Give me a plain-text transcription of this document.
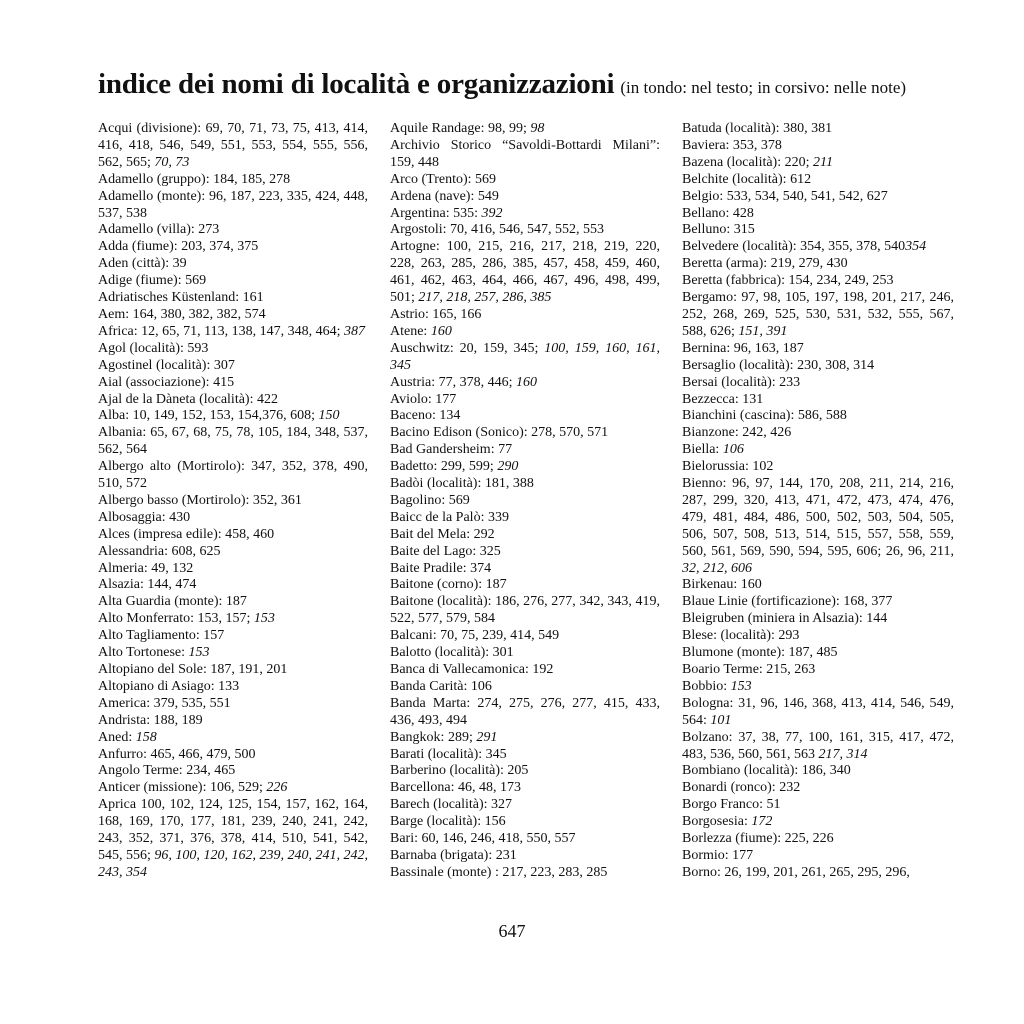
indice dei nomi di località e organizzazioni (in tondo: nel testo; in corsivo: nelle note)
Acqui (divisione): 69, 70, 71, 73, 75, 413, 414, 416, 418, 546, 549, 551, 553, 554, 555, 556, 562, 565; 70, 73
Adamello (gruppo): 184, 185, 278
Adamello (monte): 96, 187, 223, 335, 424, 448, 537, 538
Adamello (villa): 273
Adda (fiume): 203, 374, 375
Aden (città): 39
Adige (fiume): 569
Adriatisches Küstenland: 161
Aem: 164, 380, 382, 382, 574
Africa: 12, 65, 71, 113, 138, 147, 348, 464; 387
Agol (località): 593
Agostinel (località): 307
Aial (associazione): 415
Ajal de la Dàneta (località): 422
Alba: 10, 149, 152, 153, 154,376, 608; 150
Albania: 65, 67, 68, 75, 78, 105, 184, 348, 537, 562, 564
Albergo alto (Mortirolo): 347, 352, 378, 490, 510, 572
Albergo basso (Mortirolo): 352, 361
Albosaggia: 430
Alces (impresa edile): 458, 460
Alessandria: 608, 625
Almeria: 49, 132
Alsazia: 144, 474
Alta Guardia (monte): 187
Alto Monferrato: 153, 157; 153
Alto Tagliamento: 157
Alto Tortonese: 153
Altopiano del Sole: 187, 191, 201
Altopiano di Asiago: 133
America: 379, 535, 551
Andrista: 188, 189
Aned: 158
Anfurro: 465, 466, 479, 500
Angolo Terme: 234, 465
Anticer (missione): 106, 529; 226
Aprica 100, 102, 124, 125, 154, 157, 162, 164, 168, 169, 170, 177, 181, 239, 240, 241, 242, 243, 352, 371, 376, 378, 414, 510, 541, 542, 545, 556; 96, 100, 120, 162, 239, 240, 241, 242, 243, 354
Aquile Randage: 98, 99; 98
Archivio Storico “Savoldi-Bottardi Milani”: 159, 448
Arco (Trento): 569
Ardena (nave): 549
Argentina: 535: 392
Argostoli: 70, 416, 546, 547, 552, 553
Artogne: 100, 215, 216, 217, 218, 219, 220, 228, 263, 285, 286, 385, 457, 458, 459, 460, 461, 462, 463, 464, 466, 467, 496, 498, 499, 501; 217, 218, 257, 286, 385
Astrio: 165, 166
Atene: 160
Auschwitz: 20, 159, 345; 100, 159, 160, 161, 345
Austria: 77, 378, 446; 160
Aviolo: 177
Baceno: 134
Bacino Edison (Sonico): 278, 570, 571
Bad Gandersheim: 77
Badetto: 299, 599; 290
Badòi (località): 181, 388
Bagolino: 569
Baicc de la Palò: 339
Bait del Mela: 292
Baite del Lago: 325
Baite Pradile: 374
Baitone (corno): 187
Baitone (località): 186, 276, 277, 342, 343, 419, 522, 577, 579, 584
Balcani: 70, 75, 239, 414, 549
Balotto (località): 301
Banca di Vallecamonica: 192
Banda Carità: 106
Banda Marta: 274, 275, 276, 277, 415, 433, 436, 493, 494
Bangkok: 289; 291
Barati (località): 345
Barberino (località): 205
Barcellona: 46, 48, 173
Barech (località): 327
Barge (località): 156
Bari: 60, 146, 246, 418, 550, 557
Barnaba (brigata): 231
Bassinale (monte) : 217, 223, 283, 285
Batuda (località): 380, 381
Baviera: 353, 378
Bazena (località): 220; 211
Belchite (località): 612
Belgio: 533, 534, 540, 541, 542, 627
Bellano: 428
Belluno: 315
Belvedere (località): 354, 355, 378, 540354
Beretta (arma): 219, 279, 430
Beretta (fabbrica): 154, 234, 249, 253
Bergamo: 97, 98, 105, 197, 198, 201, 217, 246, 252, 268, 269, 525, 530, 531, 532, 555, 567, 588, 626; 151, 391
Bernina: 96, 163, 187
Bersaglio (località): 230, 308, 314
Bersai (località): 233
Bezzecca: 131
Bianchini (cascina): 586, 588
Bianzone: 242, 426
Biella: 106
Bielorussia: 102
Bienno: 96, 97, 144, 170, 208, 211, 214, 216, 287, 299, 320, 413, 471, 472, 473, 474, 476, 479, 481, 484, 486, 500, 502, 503, 504, 505, 506, 507, 508, 513, 514, 515, 557, 558, 559, 560, 561, 569, 590, 594, 595, 606; 26, 96, 211, 32, 212, 606
Birkenau: 160
Blaue Linie (fortificazione): 168, 377
Bleigruben (miniera in Alsazia): 144
Blese: (località): 293
Blumone (monte): 187, 485
Boario Terme: 215, 263
Bobbio: 153
Bologna: 31, 96, 146, 368, 413, 414, 546, 549, 564: 101
Bolzano: 37, 38, 77, 100, 161, 315, 417, 472, 483, 536, 560, 561, 563 217, 314
Bombiano (località): 186, 340
Bonardi (ronco): 232
Borgo Franco: 51
Borgosesia: 172
Borlezza (fiume): 225, 226
Bormio: 177
Borno: 26, 199, 201, 261, 265, 295, 296,
647
